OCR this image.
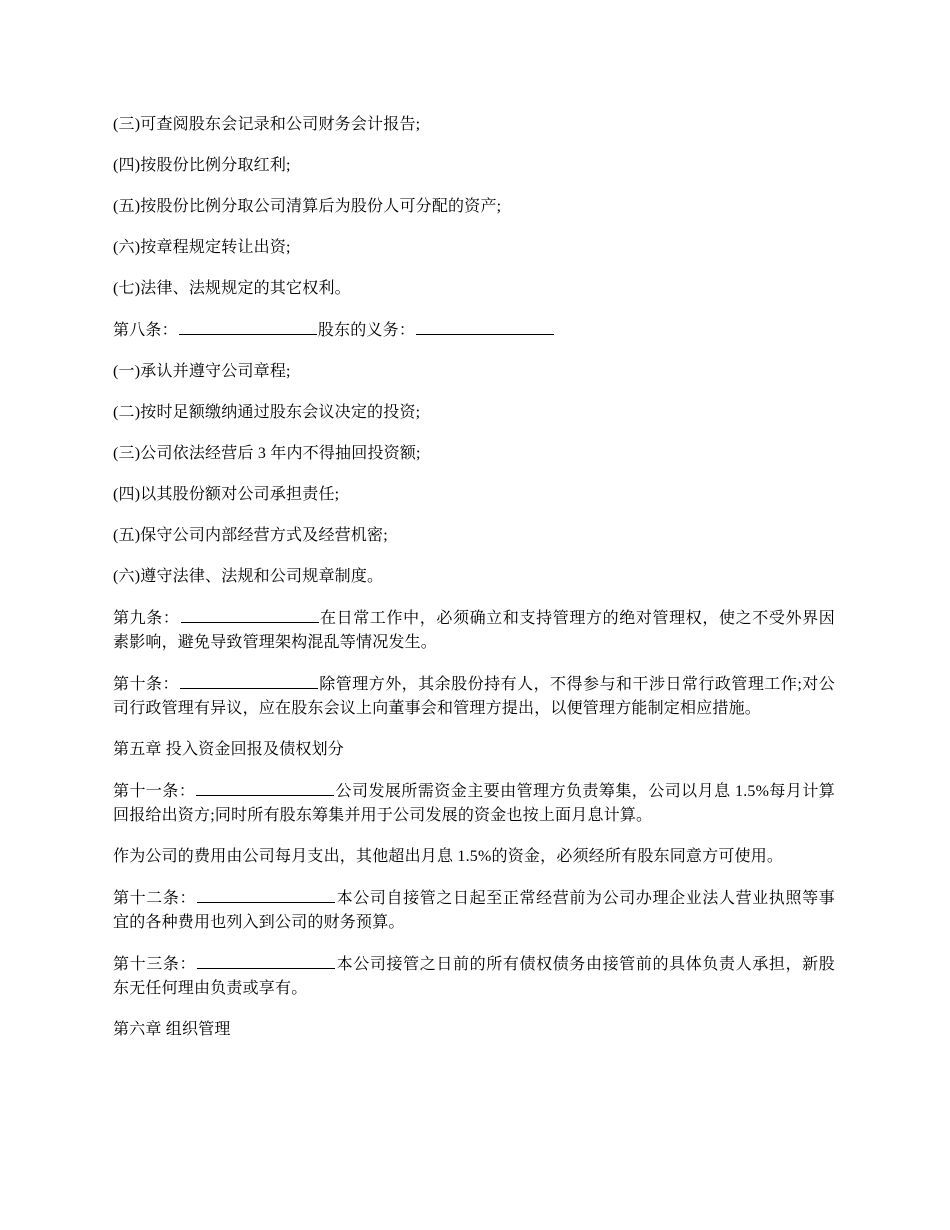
(三)可查阅股东会记录和公司财务会计报告;

(四)按股份比例分取红利;

(五)按股份比例分取公司清算后为股份人可分配的资产;

(六)按章程规定转让出资;

(七)法律、法规规定的其它权利。

第八条：	股东的义务：

(一)承认并遵守公司章程;

(二)按时足额缴纳通过股东会议决定的投资;

(三)公司依法经营后 3 年内不得抽回投资额;

(四)以其股份额对公司承担责任;

(五)保守公司内部经营方式及经营机密;

(六)遵守法律、法规和公司规章制度。

第九条：	在日常工作中，必须确立和支持管理方的绝对管理权，使之不受外界因素影响，避免导致管理架构混乱等情况发生。

第十条：	除管理方外，其余股份持有人，不得参与和干涉日常行政管理工作;对公司行政管理有异议，应在股东会议上向董事会和管理方提出，以便管理方能制定相应措施。

第五章 投入资金回报及债权划分

第十一条：	公司发展所需资金主要由管理方负责筹集，公司以月息 1.5%每月计算回报给出资方;同时所有股东筹集并用于公司发展的资金也按上面月息计算。

作为公司的费用由公司每月支出，其他超出月息 1.5%的资金，必须经所有股东同意方可使用。

第十二条：	本公司自接管之日起至正常经营前为公司办理企业法人营业执照等事宜的各种费用也列入到公司的财务预算。

第十三条：	本公司接管之日前的所有债权债务由接管前的具体负责人承担，新股东无任何理由负责或享有。

第六章 组织管理
